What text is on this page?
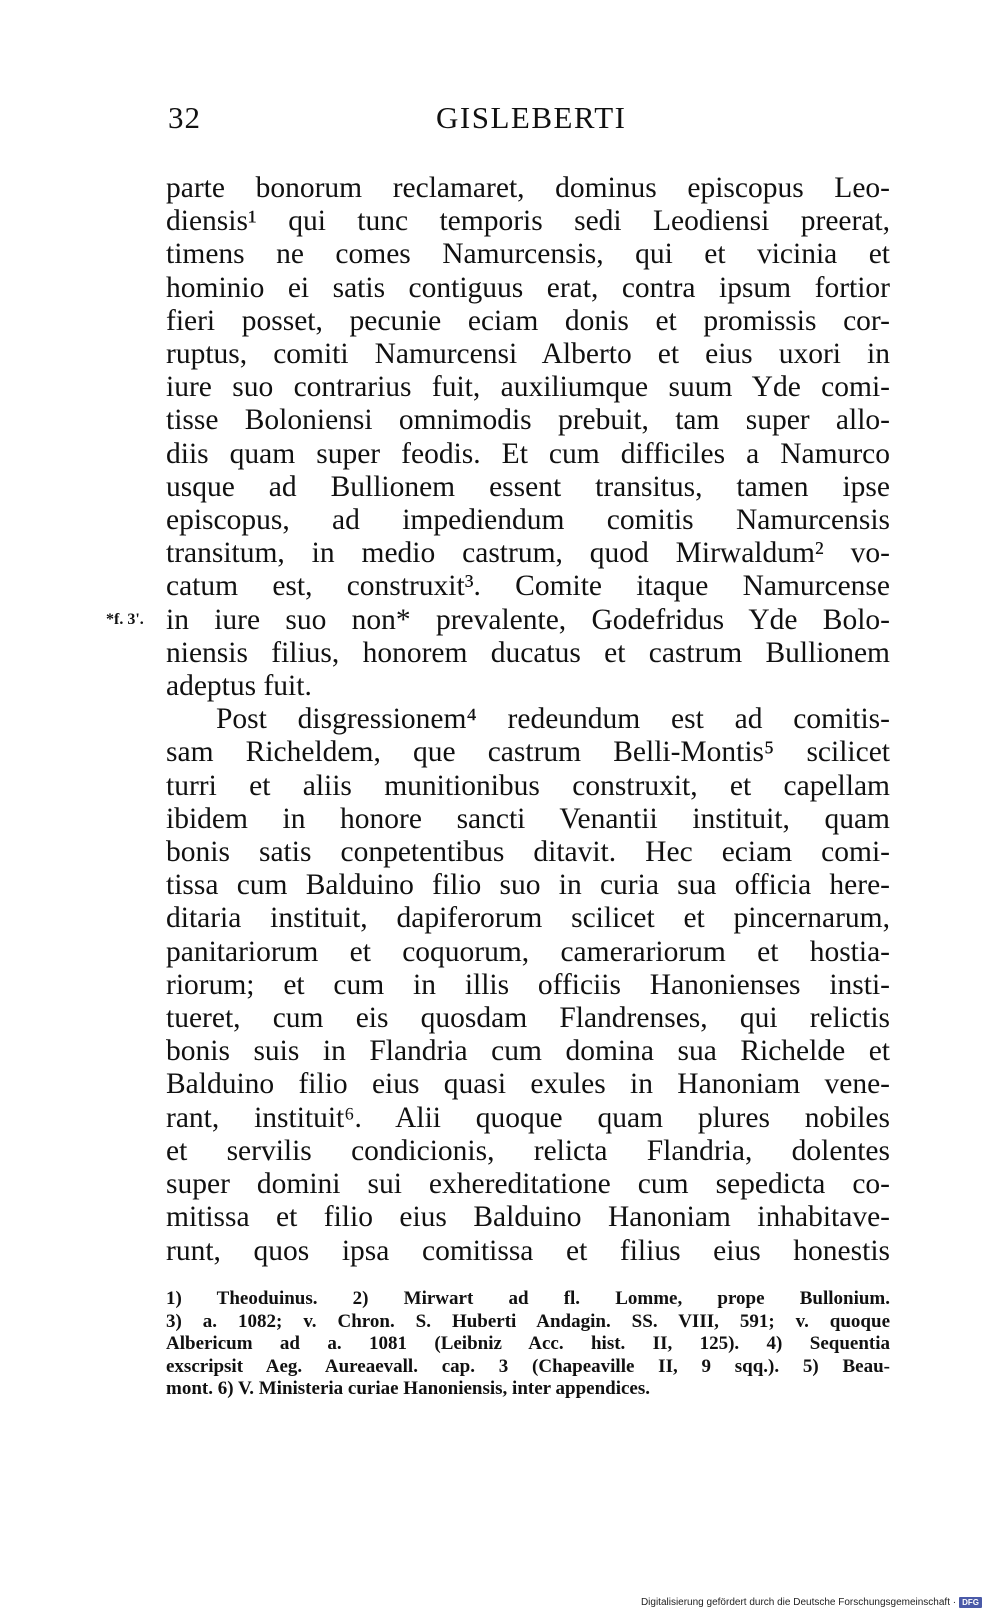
32	GISLEBERTI
*f. 3'.
parte bonorum reclamaret, dominus episcopus Leo-
diensis¹ qui tunc temporis sedi Leodiensi preerat,
timens ne comes Namurcensis, qui et vicinia et
hominio ei satis contiguus erat, contra ipsum fortior
fieri posset, pecunie eciam donis et promissis cor-
ruptus, comiti Namurcensi Alberto et eius uxori in
iure suo contrarius fuit, auxiliumque suum Yde comi-
tisse Boloniensi omnimodis prebuit, tam super allo-
diis quam super feodis. Et cum difficiles a Namurco
usque ad Bullionem essent transitus, tamen ipse
episcopus, ad impediendum comitis Namurcensis
transitum, in medio castrum, quod Mirwaldum² vo-
catum est, construxit³. Comite itaque Namurcense
in iure suo non* prevalente, Godefridus Yde Bolo-
niensis filius, honorem ducatus et castrum Bullionem
adeptus fuit.
Post disgressionem⁴ redeundum est ad comitis-
sam Richeldem, que castrum Belli-Montis⁵ scilicet
turri et aliis munitionibus construxit, et capellam
ibidem in honore sancti Venantii instituit, quam
bonis satis conpetentibus ditavit. Hec eciam comi-
tissa cum Balduino filio suo in curia sua officia here-
ditaria instituit, dapiferorum scilicet et pincernarum,
panitariorum et coquorum, camerariorum et hostia-
riorum; et cum in illis officiis Hanonienses insti-
tueret, cum eis quosdam Flandrenses, qui relictis
bonis suis in Flandria cum domina sua Richelde et
Balduino filio eius quasi exules in Hanoniam vene-
rant, instituit⁶. Alii quoque quam plures nobiles
et servilis condicionis, relicta Flandria, dolentes
super domini sui exhereditatione cum sepedicta co-
mitissa et filio eius Balduino Hanoniam inhabitave-
runt, quos ipsa comitissa et filius eius honestis
1) Theoduinus. 2) Mirwart ad fl. Lomme, prope Bullonium.
3) a. 1082; v. Chron. S. Huberti Andagin. SS. VIII, 591; v. quoque
Albericum ad a. 1081 (Leibniz Acc. hist. II, 125). 4) Sequentia
exscripsit Aeg. Aureaevall. cap. 3 (Chapeaville II, 9 sqq.). 5) Beau-
mont. 6) V. Ministeria curiae Hanoniensis, inter appendices.
Digitalisierung gefördert durch die Deutsche Forschungsgemeinschaft · DFG
